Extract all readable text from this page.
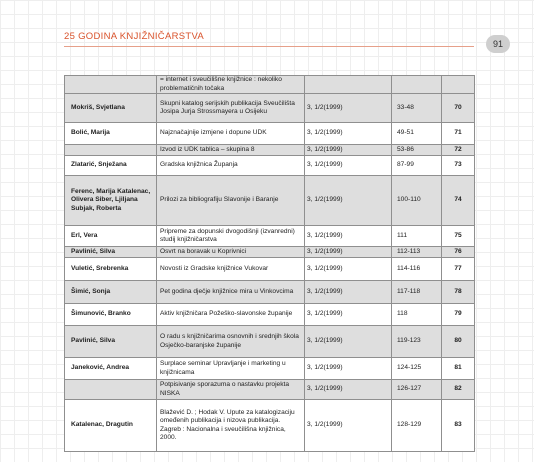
25 GODINA KNJIŽNIČARSTVA
91
	= internet i sveučilišne knjižnice : nekoliko problematičnih točaka			
Mokriš, Svjetlana	Skupni katalog serijskih publikacija Sveučilišta Josipa Jurja Strossmayera u Osijeku	3, 1/2(1999)	33-48	70
Bolić, Marija	Najznačajnije izmjene i dopune UDK	3, 1/2(1999)	49-51	71
	Izvod iz UDK tablica – skupina 8	3, 1/2(1999)	53-86	72
Zlatarić, Snježana	Gradska knjižnica Županja	3, 1/2(1999)	87-99	73
Ferenc, Marija Katalenac, Olivera Siber, Ljiljana Subjak, Roberta	Prilozi za bibliografiju Slavonije i Baranje	3, 1/2(1999)	100-110	74
Erl, Vera	Pripreme za dopunski dvogodišnji (izvanredni) studij knjižničarstva	3, 1/2(1999)	111	75
Pavlinić, Silva	Osvrt na boravak u Koprivnici	3, 1/2(1999)	112-113	76
Vuletić, Srebrenka	Novosti iz Gradske knjižnice Vukovar	3, 1/2(1999)	114-116	77
Šimić, Sonja	Pet godina dječje knjižnice mira u Vinkovcima	3, 1/2(1999)	117-118	78
Šimunović, Branko	Aktiv knjižničara Požeško-slavonske županije	3, 1/2(1999)	118	79
Pavlinić, Silva	O radu s knjižničarima osnovnih i srednjih škola Osječko-baranjske županije	3, 1/2(1999)	119-123	80
Janeković, Andrea	Surplace seminar Upravljanje i marketing u knjižnicama	3, 1/2(1999)	124-125	81
	Potpisivanje sporazuma o nastavku projekta NISKA	3, 1/2(1999)	126-127	82
Katalenac, Dragutin	Blažević D. ; Hodak V. Upute za katalogizaciju omeđenih publikacija i nizova publikacija. Zagreb : Nacionalna i sveučilišna knjižnica, 2000.	3, 1/2(1999)	128-129	83
